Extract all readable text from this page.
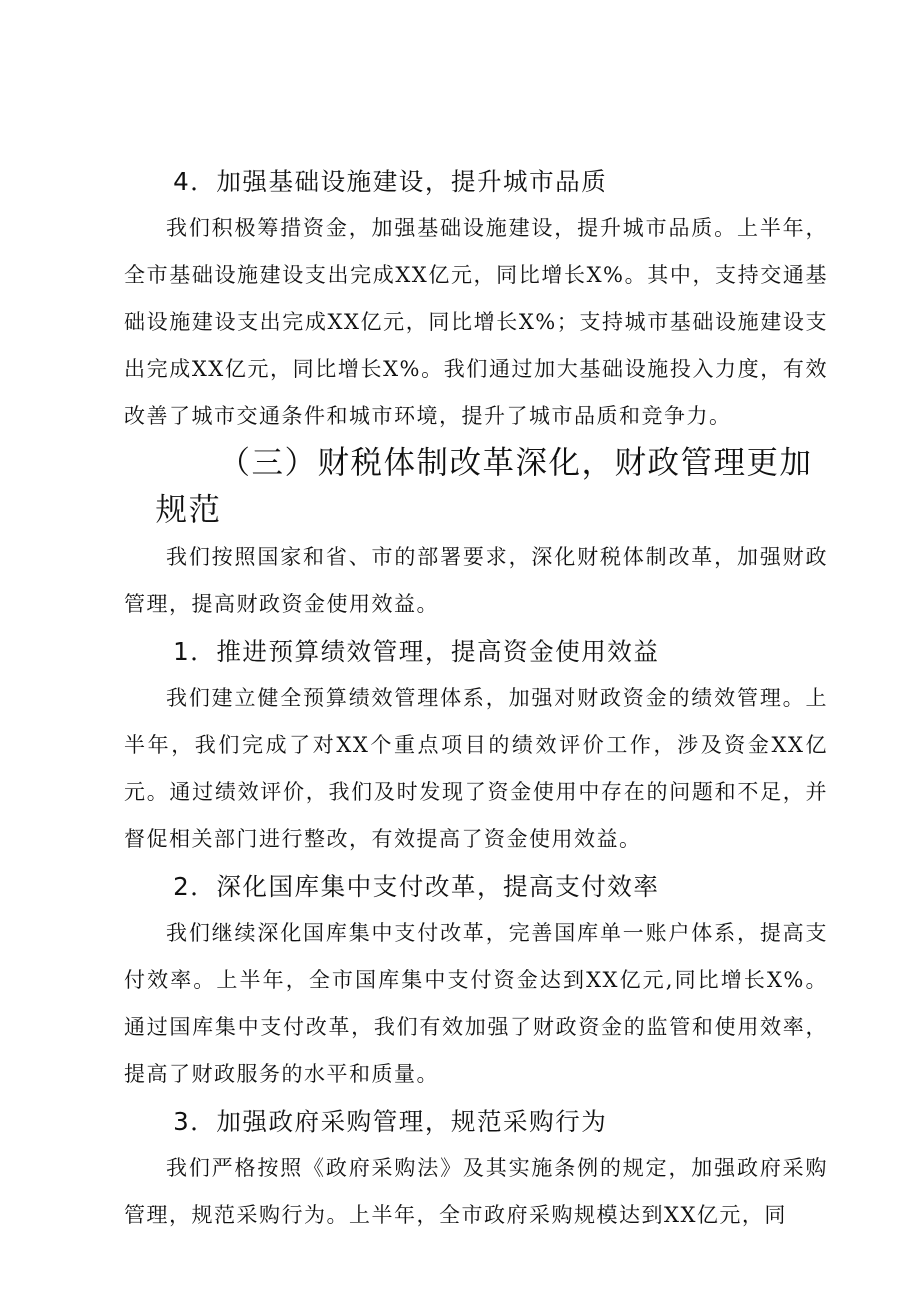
4．加强基础设施建设，提升城市品质

我们积极筹措资金，加强基础设施建设，提升城市品质。上半年，全市基础设施建设支出完成XX亿元，同比增长X%。其中，支持交通基础设施建设支出完成XX亿元，同比增长X%；支持城市基础设施建设支出完成XX亿元，同比增长X%。我们通过加大基础设施投入力度，有效改善了城市交通条件和城市环境，提升了城市品质和竞争力。

（三）财税体制改革深化，财政管理更加规范

我们按照国家和省、市的部署要求，深化财税体制改革，加强财政管理，提高财政资金使用效益。

1．推进预算绩效管理，提高资金使用效益

我们建立健全预算绩效管理体系，加强对财政资金的绩效管理。上半年，我们完成了对XX个重点项目的绩效评价工作，涉及资金XX亿元。通过绩效评价，我们及时发现了资金使用中存在的问题和不足，并督促相关部门进行整改，有效提高了资金使用效益。

2．深化国库集中支付改革，提高支付效率

我们继续深化国库集中支付改革，完善国库单一账户体系，提高支付效率。上半年，全市国库集中支付资金达到XX亿元,同比增长X%。通过国库集中支付改革，我们有效加强了财政资金的监管和使用效率，提高了财政服务的水平和质量。

3．加强政府采购管理，规范采购行为

我们严格按照《政府采购法》及其实施条例的规定，加强政府采购管理，规范采购行为。上半年，全市政府采购规模达到XX亿元，同
